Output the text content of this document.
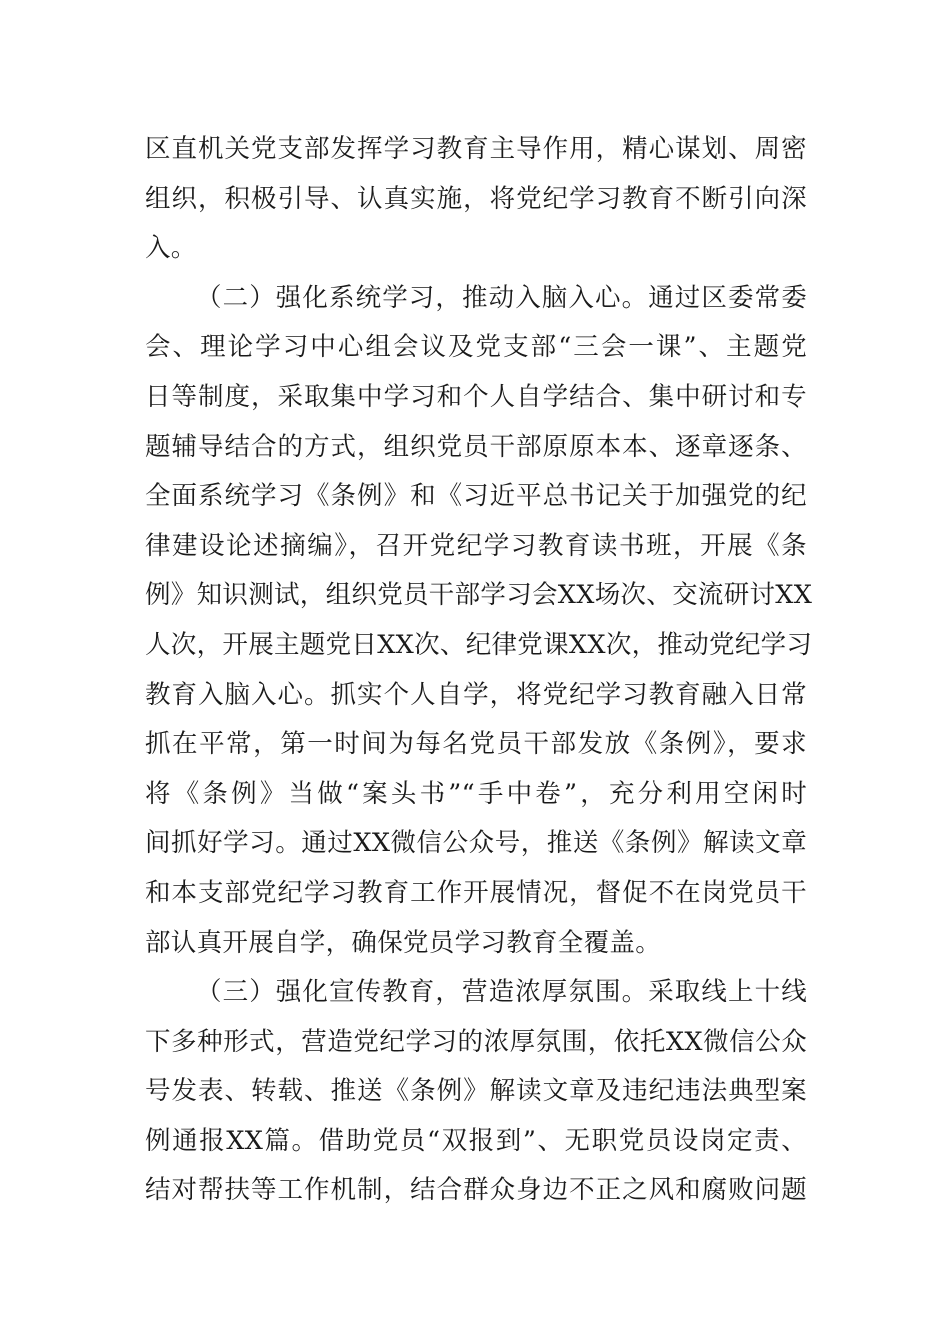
区直机关党支部发挥学习教育主导作用，精心谋划、周密
组织，积极引导、认真实施，将党纪学习教育不断引向深
入。

（二）强化系统学习，推动入脑入心。通过区委常委
会、理论学习中心组会议及党支部“三会一课”、主题党
日等制度，采取集中学习和个人自学结合、集中研讨和专
题辅导结合的方式，组织党员干部原原本本、逐章逐条、
全面系统学习《条例》和《习近平总书记关于加强党的纪
律建设论述摘编》，召开党纪学习教育读书班，开展《条
例》知识测试，组织党员干部学习会XX场次、交流研讨XX
人次，开展主题党日XX次、纪律党课XX次，推动党纪学习
教育入脑入心。抓实个人自学，将党纪学习教育融入日常
抓在平常，第一时间为每名党员干部发放《条例》，要求
将《条例》当做“案头书”“手中卷”，充分利用空闲时
间抓好学习。通过XX微信公众号，推送《条例》解读文章
和本支部党纪学习教育工作开展情况，督促不在岗党员干
部认真开展自学，确保党员学习教育全覆盖。

（三）强化宣传教育，营造浓厚氛围。采取线上十线
下多种形式，营造党纪学习的浓厚氛围，依托XX微信公众
号发表、转载、推送《条例》解读文章及违纪违法典型案
例通报XX篇。借助党员“双报到”、无职党员设岗定责、
结对帮扶等工作机制，结合群众身边不正之风和腐败问题
